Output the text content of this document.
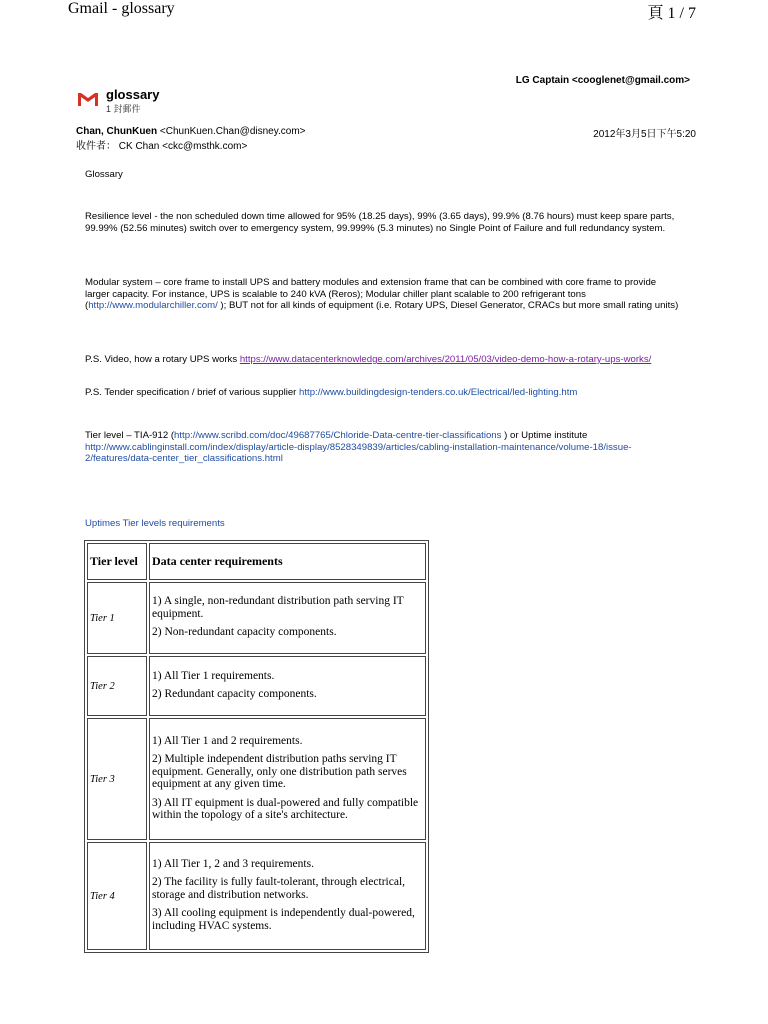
Gmail - glossary	頁 1 / 7
LG Captain <cooglenet@gmail.com>
glossary
1 封郵件
Chan, ChunKuen <ChunKuen.Chan@disney.com>	2012年3月5日下午5:20
收件者： CK Chan <ckc@msthk.com>
Glossary
Resilience level - the non scheduled down time allowed for 95% (18.25 days), 99% (3.65 days), 99.9% (8.76 hours) must keep spare parts, 99.99% (52.56 minutes) switch over to emergency system, 99.999% (5.3 minutes) no Single Point of Failure and full redundancy system.
Modular system – core frame to install UPS and battery modules and extension frame that can be combined with core frame to provide larger capacity. For instance, UPS is scalable to 240 kVA (Reros); Modular chiller plant scalable to 200 refrigerant tons (http://www.modularchiller.com/ ); BUT not for all kinds of equipment (i.e. Rotary UPS, Diesel Generator, CRACs but more small rating units)
P.S. Video, how a rotary UPS works https://www.datacenterknowledge.com/archives/2011/05/03/video-demo-how-a-rotary-ups-works/
P.S. Tender specification / brief of various supplier http://www.buildingdesign-tenders.co.uk/Electrical/led-lighting.htm
Tier level – TIA-912 (http://www.scribd.com/doc/49687765/Chloride-Data-centre-tier-classifications ) or Uptime institute http://www.cablinginstall.com/index/display/article-display/8528349839/articles/cabling-installation-maintenance/volume-18/issue-2/features/data-center_tier_classifications.html
Uptimes Tier levels requirements
Tier level	Data center requirements
Tier 1	1) A single, non-redundant distribution path serving IT equipment.

2) Non-redundant capacity components.

Tier 2	1) All Tier 1 requirements.

2) Redundant capacity components.

Tier 3	1) All Tier 1 and 2 requirements.

2) Multiple independent distribution paths serving IT equipment. Generally, only one distribution path serves equipment at any given time.

3) All IT equipment is dual-powered and fully compatible within the topology of a site's architecture.

Tier 4	1) All Tier 1, 2 and 3 requirements.

2) The facility is fully fault-tolerant, through electrical, storage and distribution networks.

3) All cooling equipment is independently dual-powered, including HVAC systems.
